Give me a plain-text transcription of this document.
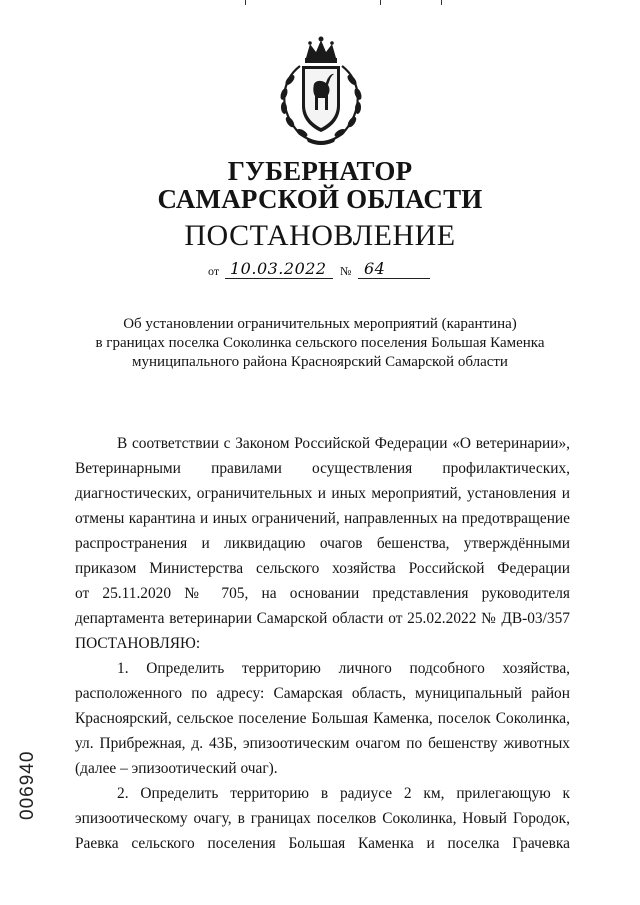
ГУБЕРНАТОР
САМАРСКОЙ ОБЛАСТИ
ПОСТАНОВЛЕНИЕ
от 10.03.2022 № 64
Об установлении ограничительных мероприятий (карантина)
в границах поселка Соколинка сельского поселения Большая Каменка
муниципального района Красноярский Самарской области
В соответствии с Законом Российской Федерации «О ветеринарии»,
Ветеринарными правилами осуществления профилактических,
диагностических, ограничительных и иных мероприятий, установления и
отмены карантина и иных ограничений, направленных на предотвращение
распространения и ликвидацию очагов бешенства, утверждёнными
приказом Министерства сельского хозяйства Российской Федерации
от 25.11.2020 № 705, на основании представления руководителя
департамента ветеринарии Самарской области от 25.02.2022 № ДВ-03/357
ПОСТАНОВЛЯЮ:
1. Определить территорию личного подсобного хозяйства,
расположенного по адресу: Самарская область, муниципальный район
Красноярский, сельское поселение Большая Каменка, поселок Соколинка,
ул. Прибрежная, д. 43Б, эпизоотическим очагом по бешенству животных
(далее – эпизоотический очаг).
2. Определить территорию в радиусе 2 км, прилегающую к
эпизоотическому очагу, в границах поселков Соколинка, Новый Городок,
Раевка сельского поселения Большая Каменка и поселка Грачевка
006940
